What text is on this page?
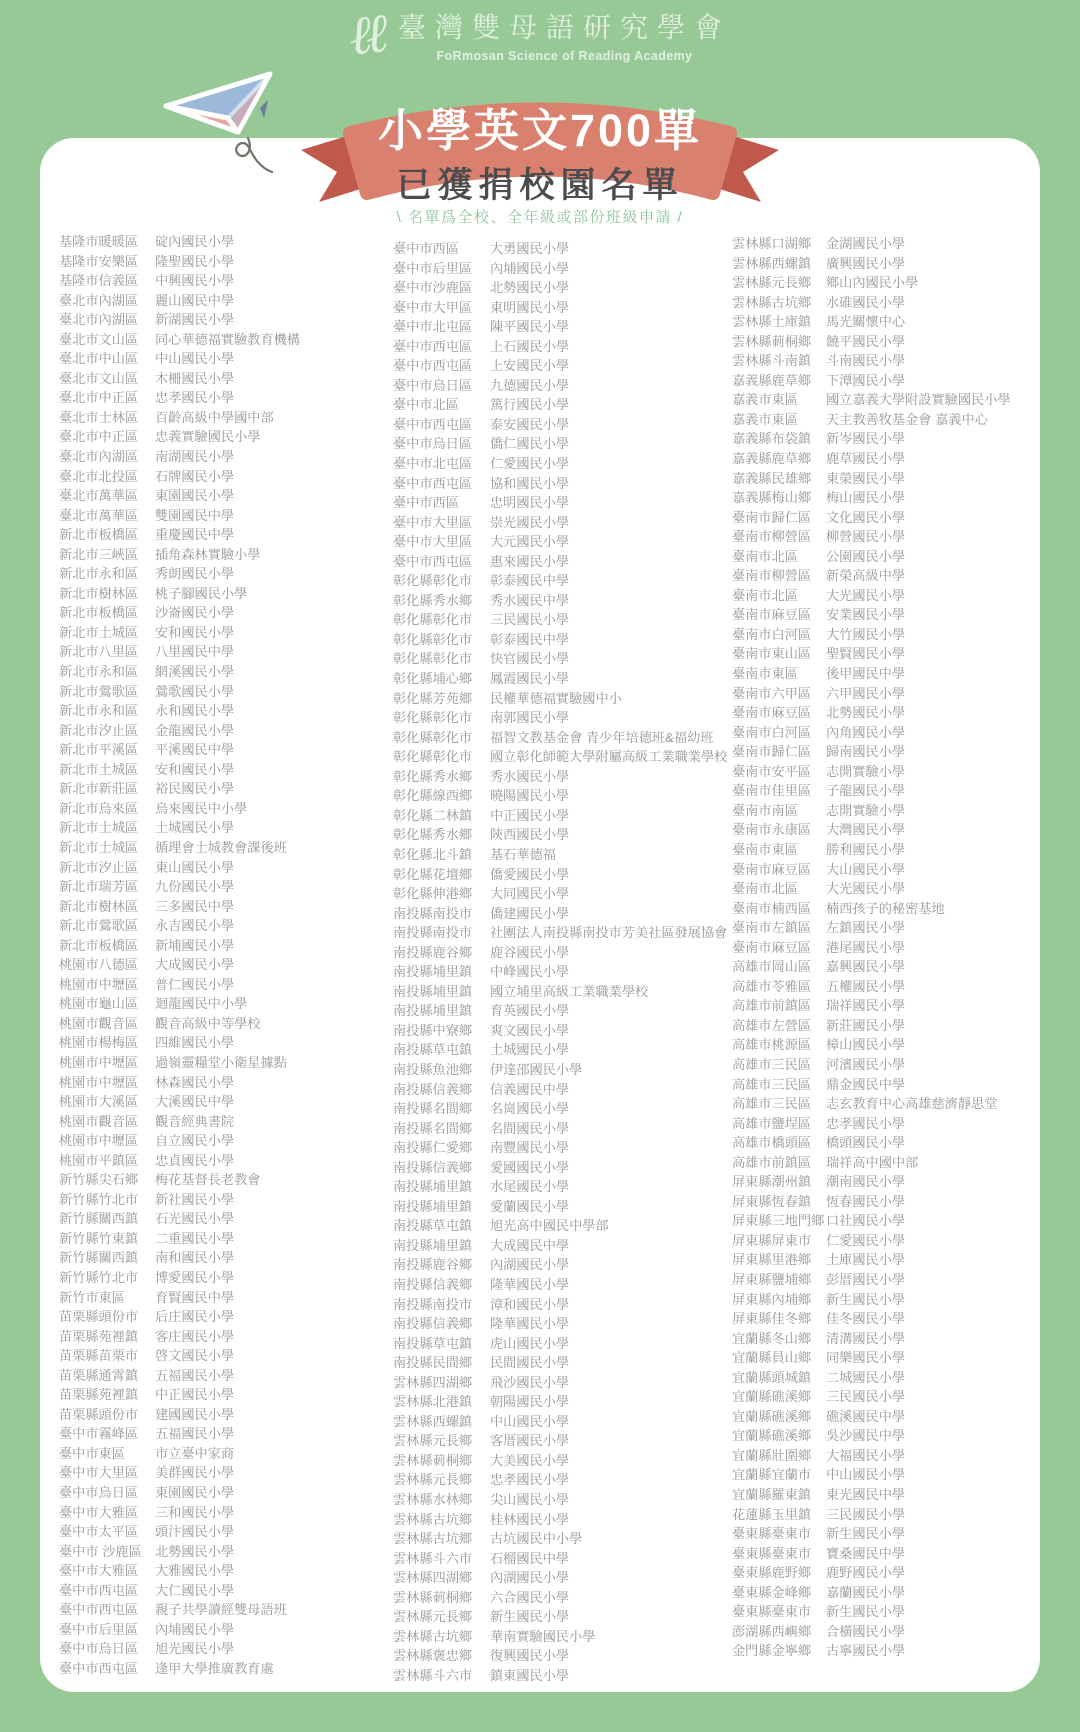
ℓℓ 臺灣雙母語研究學會
FoRmosan Science of Reading Academy
小學英文700單
已獲捐校園名單
\ 名單爲全校、全年級或部份班級申請 /
基隆市暖暖區	碇內國民小學
基隆市安樂區	隆聖國民小學
基隆市信義區	中興國民小學
臺北市內湖區	麗山國民中學
臺北市內湖區	新湖國民小學
臺北市文山區	同心華德福實驗教育機構
臺北市中山區	中山國民小學
臺北市文山區	木柵國民小學
臺北市中正區	忠孝國民小學
臺北市士林區	百齡高級中學國中部
臺北市中正區	忠義實驗國民小學
臺北市內湖區	南湖國民小學
臺北市北投區	石牌國民小學
臺北市萬華區	東園國民小學
臺北市萬華區	雙園國民中學
新北市板橋區	重慶國民中學
新北市三峽區	插角森林實驗小學
新北市永和區	秀朗國民小學
新北市樹林區	桃子腳國民小學
新北市板橋區	沙崙國民小學
新北市土城區	安和國民小學
新北市八里區	八里國民中學
新北市永和區	網溪國民小學
新北市鶯歌區	鶯歌國民小學
新北市永和區	永和國民小學
新北市汐止區	金龍國民小學
新北市平溪區	平溪國民中學
新北市土城區	安和國民小學
新北市新莊區	裕民國民小學
新北市烏來區	烏來國民中小學
新北市土城區	土城國民小學
新北市土城區	循理會土城教會課後班
新北市汐止區	東山國民小學
新北市瑞芳區	九份國民小學
新北市樹林區	三多國民中學
新北市鶯歌區	永吉國民小學
新北市板橋區	新埔國民小學
桃園市八德區	大成國民小學
桃園市中壢區	普仁國民小學
桃園市龜山區	迴龍國民中小學
桃園市觀音區	觀音高級中等學校
桃園市楊梅區	四維國民小學
桃園市中壢區	過嶺靈糧堂小衛星據點
桃園市中壢區	林森國民小學
桃園市大溪區	大溪國民中學
桃園市觀音區	觀音經典書院
桃園市中壢區	自立國民小學
桃園市平鎮區	忠貞國民小學
新竹縣尖石鄉	梅花基督長老教會
新竹縣竹北市	新社國民小學
新竹縣關西鎮	石光國民小學
新竹縣竹東鎮	二重國民小學
新竹縣關西鎮	南和國民小學
新竹縣竹北市	博愛國民小學
新竹市東區	育賢國民中學
苗栗縣頭份市	后庄國民小學
苗栗縣苑裡鎮	客庄國民小學
苗栗縣苗栗市	啓文國民小學
苗栗縣通霄鎮	五福國民小學
苗栗縣苑裡鎮	中正國民小學
苗栗縣頭份市	建國國民小學
臺中市霧峰區	五福國民小學
臺中市東區	市立臺中家商
臺中市大里區	美群國民小學
臺中市烏日區	東園國民小學
臺中市大雅區	三和國民小學
臺中市太平區	頭汴國民小學
臺中市 沙鹿區	北勢國民小學
臺中市大雅區	大雅國民小學
臺中市西屯區	大仁國民小學
臺中市西屯區	親子共學讀經雙母語班
臺中市后里區	內埔國民小學
臺中市烏日區	旭光國民小學
臺中市西屯區	逢甲大學推廣教育處
臺中市西區	大勇國民小學
臺中市后里區	內埔國民小學
臺中市沙鹿區	北勢國民小學
臺中市大甲區	東明國民小學
臺中市北屯區	陳平國民小學
臺中市西屯區	上石國民小學
臺中市西屯區	上安國民小學
臺中市烏日區	九德國民小學
臺中市北區	篤行國民小學
臺中市西屯區	泰安國民小學
臺中市烏日區	僑仁國民小學
臺中市北屯區	仁愛國民小學
臺中市西屯區	協和國民小學
臺中市西區	忠明國民小學
臺中市大里區	崇光國民小學
臺中市大里區	大元國民小學
臺中市西屯區	惠來國民小學
彰化縣彰化市	彰泰國民中學
彰化縣秀水鄉	秀水國民中學
彰化縣彰化市	三民國民小學
彰化縣彰化市	彰泰國民中學
彰化縣彰化市	快官國民小學
彰化縣埔心鄉	鳳霞國民小學
彰化縣芳苑鄉	民權華德福實驗國中小
彰化縣彰化市	南郭國民小學
彰化縣彰化市	福智文教基金會 青少年培德班&福幼班
彰化縣彰化市	國立彰化師範大學附屬高級工業職業學校
彰化縣秀水鄉	秀水國民小學
彰化縣線西鄉	曉陽國民小學
彰化縣二林鎮	中正國民小學
彰化縣秀水鄉	陝西國民小學
彰化縣北斗鎮	基石華德福
彰化縣花壇鄉	僑愛國民小學
彰化縣伸港鄉	大同國民小學
南投縣南投市	僑建國民小學
南投縣南投市	社團法人南投縣南投市芳美社區發展協會
南投縣鹿谷鄉	鹿谷國民小學
南投縣埔里鎮	中峰國民小學
南投縣埔里鎮	國立埔里高級工業職業學校
南投縣埔里鎮	育英國民小學
南投縣中寮鄉	爽文國民小學
南投縣草屯鎮	土城國民小學
南投縣魚池鄉	伊達邵國民小學
南投縣信義鄉	信義國民中學
南投縣名間鄉	名崗國民小學
南投縣名間鄉	名間國民小學
南投縣仁愛鄉	南豐國民小學
南投縣信義鄉	愛國國民小學
南投縣埔里鎮	水尾國民小學
南投縣埔里鎮	愛蘭國民小學
南投縣草屯鎮	旭光高中國民中學部
南投縣埔里鎮	大成國民中學
南投縣鹿谷鄉	內湖國民小學
南投縣信義鄉	隆華國民小學
南投縣南投市	漳和國民小學
南投縣信義鄉	隆華國民小學
南投縣草屯鎮	虎山國民小學
南投縣民間鄉	民間國民小學
雲林縣四湖鄉	飛沙國民小學
雲林縣北港鎮	朝陽國民小學
雲林縣西螺鎮	中山國民小學
雲林縣元長鄉	客厝國民小學
雲林縣莿桐鄉	大美國民小學
雲林縣元長鄉	忠孝國民小學
雲林縣水林鄉	尖山國民小學
雲林縣古坑鄉	桂林國民小學
雲林縣古坑鄉	古坑國民中小學
雲林縣斗六市	石榴國民中學
雲林縣四湖鄉	內湖國民小學
雲林縣莿桐鄉	六合國民小學
雲林縣元長鄉	新生國民小學
雲林縣古坑鄉	華南實驗國民小學
雲林縣褒忠鄉	復興國民小學
雲林縣斗六市	鎮東國民小學
雲林縣口湖鄉	金湖國民小學
雲林縣西螺鎮	廣興國民小學
雲林縣元長鄉	鄉山內國民小學
雲林縣古坑鄉	水碓國民小學
雲林縣土庫鎮	馬光關懷中心
雲林縣莿桐鄉	饒平國民小學
雲林縣斗南鎮	斗南國民小學
嘉義縣鹿草鄉	下潭國民小學
嘉義市東區	國立嘉義大學附設實驗國民小學
嘉義市東區	天主教善牧基金會 嘉義中心
嘉義縣布袋鎮	新岑國民小學
嘉義縣鹿草鄉	鹿草國民小學
嘉義縣民雄鄉	東榮國民小學
嘉義縣梅山鄉	梅山國民小學
臺南市歸仁區	文化國民小學
臺南市柳營區	柳營國民小學
臺南市北區	公園國民小學
臺南市柳營區	新榮高級中學
臺南市北區	大光國民小學
臺南市麻豆區	安業國民小學
臺南市白河區	大竹國民小學
臺南市東山區	聖賢國民小學
臺南市東區	後甲國民中學
臺南市六甲區	六甲國民小學
臺南市麻豆區	北勢國民小學
臺南市白河區	內角國民小學
臺南市歸仁區	歸南國民小學
臺南市安平區	志開實驗小學
臺南市佳里區	子龍國民小學
臺南市南區	志開實驗小學
臺南市永康區	大灣國民小學
臺南市東區	勝利國民小學
臺南市麻豆區	大山國民小學
臺南市北區	大光國民小學
臺南市楠西區	楠西孩子的秘密基地
臺南市左鎮區	左鎮國民小學
臺南市麻豆區	港尾國民小學
高雄市岡山區	嘉興國民小學
高雄市苓雅區	五權國民小學
高雄市前鎮區	瑞祥國民小學
高雄市左營區	新莊國民小學
高雄市桃源區	樟山國民小學
高雄市三民區	河濱國民小學
高雄市三民區	鼎金國民中學
高雄市三民區	志玄教育中心高雄慈濟靜思堂
高雄市鹽埕區	忠孝國民小學
高雄市橋頭區	橋頭國民小學
高雄市前鎮區	瑞祥高中國中部
屏東縣潮州鎮	潮南國民小學
屏東縣恆春鎮	恆春國民小學
屏東縣三地門鄉 口社國民小學
屏東縣屏東市	仁愛國民小學
屏東縣里港鄉	土庫國民小學
屏東縣鹽埔鄉	彭厝國民小學
屏東縣內埔鄉	新生國民小學
屏東縣佳冬鄉	佳冬國民小學
宜蘭縣冬山鄉	清溝國民小學
宜蘭縣員山鄉	同樂國民小學
宜蘭縣頭城鎮	二城國民小學
宜蘭縣礁溪鄉	三民國民小學
宜蘭縣礁溪鄉	礁溪國民中學
宜蘭縣礁溪鄉	吳沙國民中學
宜蘭縣壯圍鄉	大福國民小學
宜蘭縣宜蘭市	中山國民小學
宜蘭縣羅東鎮	東光國民中學
花蓮縣玉里鎮	三民國民小學
臺東縣臺東市	新生國民小學
臺東縣臺東市	寶桑國民中學
臺東縣鹿野鄉	鹿野國民小學
臺東縣金峰鄉	嘉蘭國民小學
臺東縣臺東市	新生國民小學
澎湖縣西嶼鄉	合橫國民小學
金門縣金寧鄉	古寧國民小學
